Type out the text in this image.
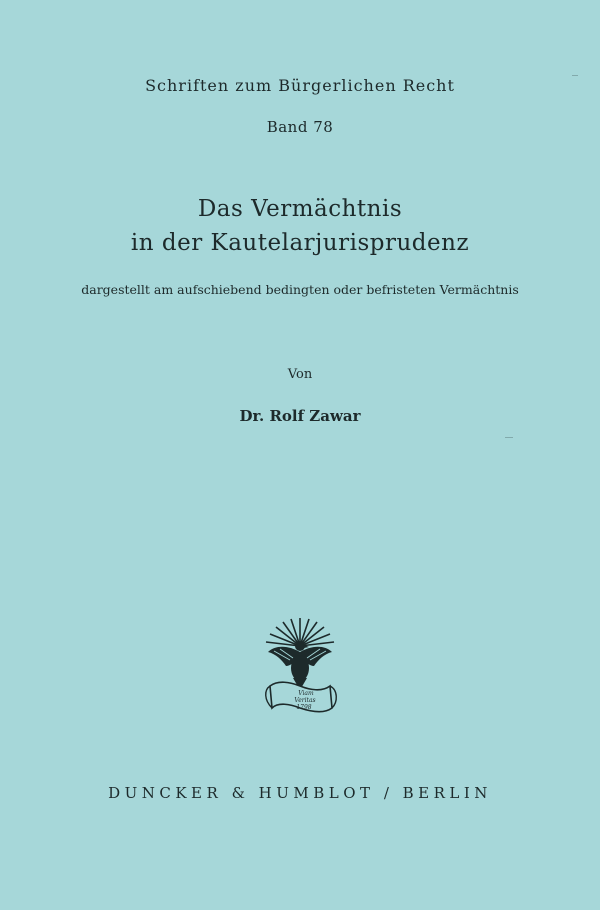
Schriften zum Bürgerlichen Recht
Band 78
Das Vermächtnis
in der Kautelarjurisprudenz
dargestellt am aufschiebend bedingten oder befristeten Vermächtnis
Von
Dr. Rolf Zawar
Viam
Veritas
1798
DUNCKER & HUMBLOT / BERLIN
